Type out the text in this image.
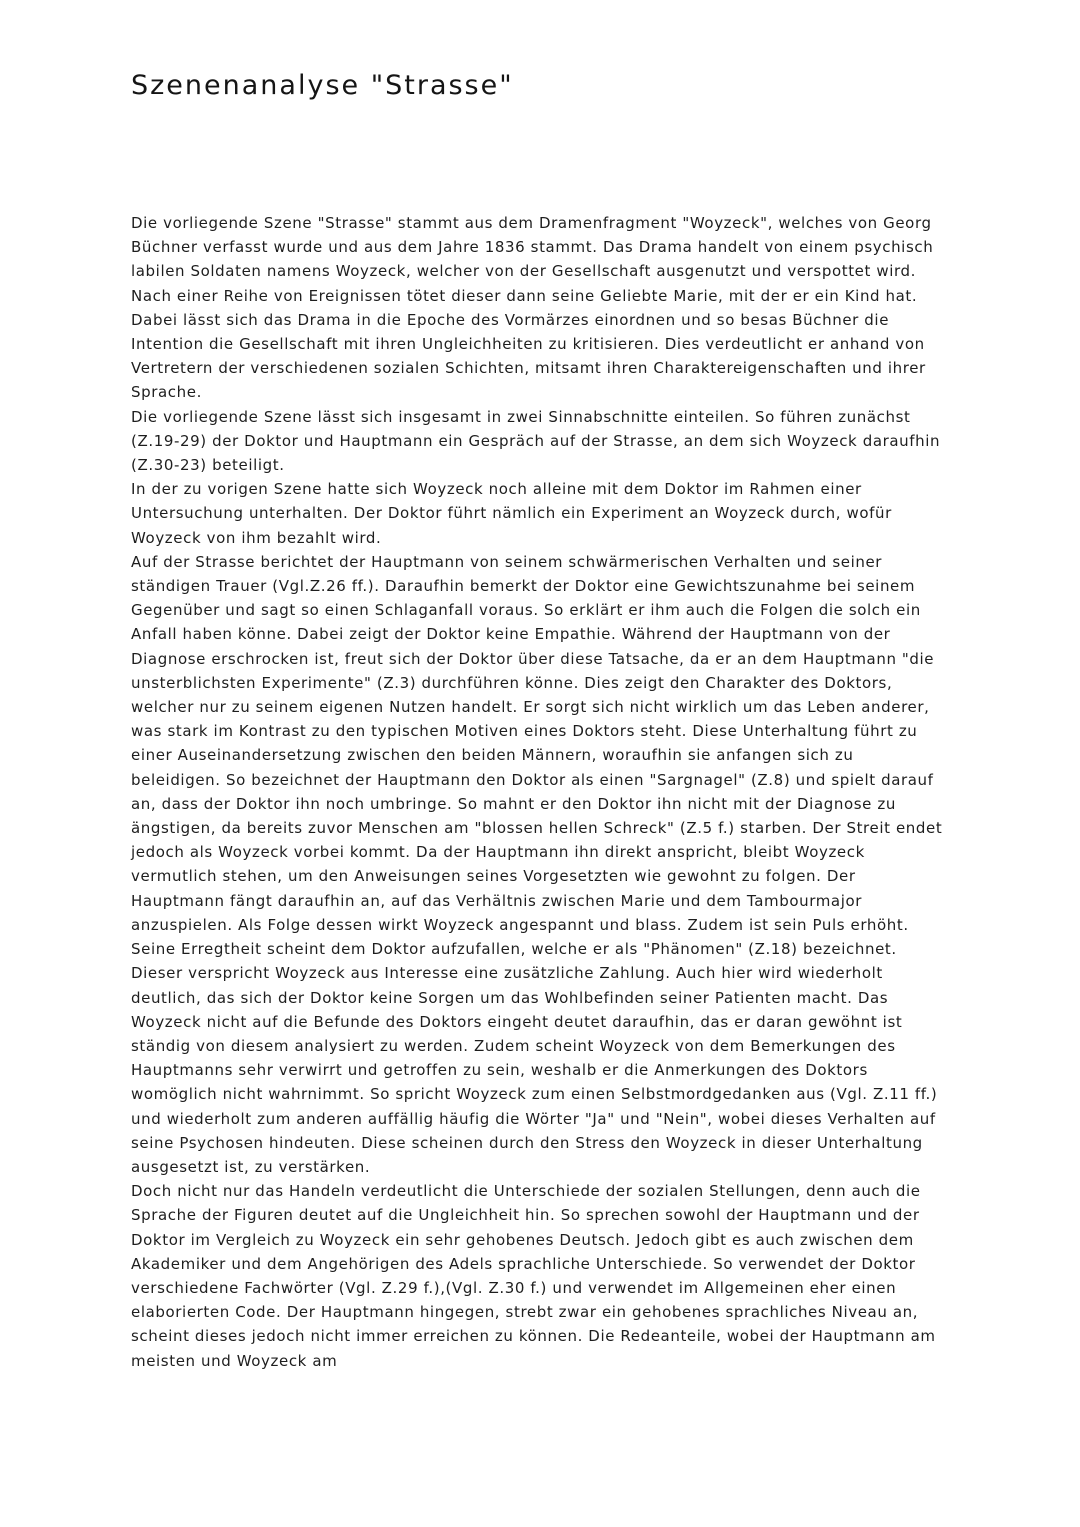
Szenenanalyse "Strasse"

Die vorliegende Szene "Strasse" stammt aus dem Dramenfragment "Woyzeck", welches von Georg Büchner verfasst wurde und aus dem Jahre 1836 stammt. Das Drama handelt von einem psychisch labilen Soldaten namens Woyzeck, welcher von der Gesellschaft ausgenutzt und verspottet wird. Nach einer Reihe von Ereignissen tötet dieser dann seine Geliebte Marie, mit der er ein Kind hat. Dabei lässt sich das Drama in die Epoche des Vormärzes einordnen und so besas Büchner die Intention die Gesellschaft mit ihren Ungleichheiten zu kritisieren. Dies verdeutlicht er anhand von Vertretern der verschiedenen sozialen Schichten, mitsamt ihren Charaktereigenschaften und ihrer Sprache.

Die vorliegende Szene lässt sich insgesamt in zwei Sinnabschnitte einteilen. So führen zunächst (Z.19-29) der Doktor und Hauptmann ein Gespräch auf der Strasse, an dem sich Woyzeck daraufhin (Z.30-23) beteiligt.

In der zu vorigen Szene hatte sich Woyzeck noch alleine mit dem Doktor im Rahmen einer Untersuchung unterhalten. Der Doktor führt nämlich ein Experiment an Woyzeck durch, wofür Woyzeck von ihm bezahlt wird.

Auf der Strasse berichtet der Hauptmann von seinem schwärmerischen Verhalten und seiner ständigen Trauer (Vgl.Z.26 ff.). Daraufhin bemerkt der Doktor eine Gewichtszunahme bei seinem Gegenüber und sagt so einen Schlaganfall voraus. So erklärt er ihm auch die Folgen die solch ein Anfall haben könne. Dabei zeigt der Doktor keine Empathie. Während der Hauptmann von der Diagnose erschrocken ist, freut sich der Doktor über diese Tatsache, da er an dem Hauptmann "die unsterblichsten Experimente" (Z.3) durchführen könne. Dies zeigt den Charakter des Doktors, welcher nur zu seinem eigenen Nutzen handelt. Er sorgt sich nicht wirklich um das Leben anderer, was stark im Kontrast zu den typischen Motiven eines Doktors steht. Diese Unterhaltung führt zu einer Auseinandersetzung zwischen den beiden Männern, woraufhin sie anfangen sich zu beleidigen. So bezeichnet der Hauptmann den Doktor als einen "Sargnagel" (Z.8) und spielt darauf an, dass der Doktor ihn noch umbringe. So mahnt er den Doktor ihn nicht mit der Diagnose zu ängstigen, da bereits zuvor Menschen am "blossen hellen Schreck" (Z.5 f.) starben. Der Streit endet jedoch als Woyzeck vorbei kommt. Da der Hauptmann ihn direkt anspricht, bleibt Woyzeck vermutlich stehen, um den Anweisungen seines Vorgesetzten wie gewohnt zu folgen. Der Hauptmann fängt daraufhin an, auf das Verhältnis zwischen Marie und dem Tambourmajor anzuspielen. Als Folge dessen wirkt Woyzeck angespannt und blass. Zudem ist sein Puls erhöht. Seine Erregtheit scheint dem Doktor aufzufallen, welche er als "Phänomen" (Z.18) bezeichnet. Dieser verspricht Woyzeck aus Interesse eine zusätzliche Zahlung. Auch hier wird wiederholt deutlich, das sich der Doktor keine Sorgen um das Wohlbefinden seiner Patienten macht. Das Woyzeck nicht auf die Befunde des Doktors eingeht deutet daraufhin, das er daran gewöhnt ist ständig von diesem analysiert zu werden. Zudem scheint Woyzeck von dem Bemerkungen des Hauptmanns sehr verwirrt und getroffen zu sein, weshalb er die Anmerkungen des Doktors womöglich nicht wahrnimmt. So spricht Woyzeck zum einen Selbstmordgedanken aus (Vgl. Z.11 ff.) und wiederholt zum anderen auffällig häufig die Wörter "Ja" und "Nein", wobei dieses Verhalten auf seine Psychosen hindeuten. Diese scheinen durch den Stress den Woyzeck in dieser Unterhaltung ausgesetzt ist, zu verstärken.

Doch nicht nur das Handeln verdeutlicht die Unterschiede der sozialen Stellungen, denn auch die Sprache der Figuren deutet auf die Ungleichheit hin. So sprechen sowohl der Hauptmann und der Doktor im Vergleich zu Woyzeck ein sehr gehobenes Deutsch. Jedoch gibt es auch zwischen dem Akademiker und dem Angehörigen des Adels sprachliche Unterschiede. So verwendet der Doktor verschiedene Fachwörter (Vgl. Z.29 f.),(Vgl. Z.30 f.) und verwendet im Allgemeinen eher einen elaborierten Code. Der Hauptmann hingegen, strebt zwar ein gehobenes sprachliches Niveau an, scheint dieses jedoch nicht immer erreichen zu können. Die Redeanteile, wobei der Hauptmann am meisten und Woyzeck am
